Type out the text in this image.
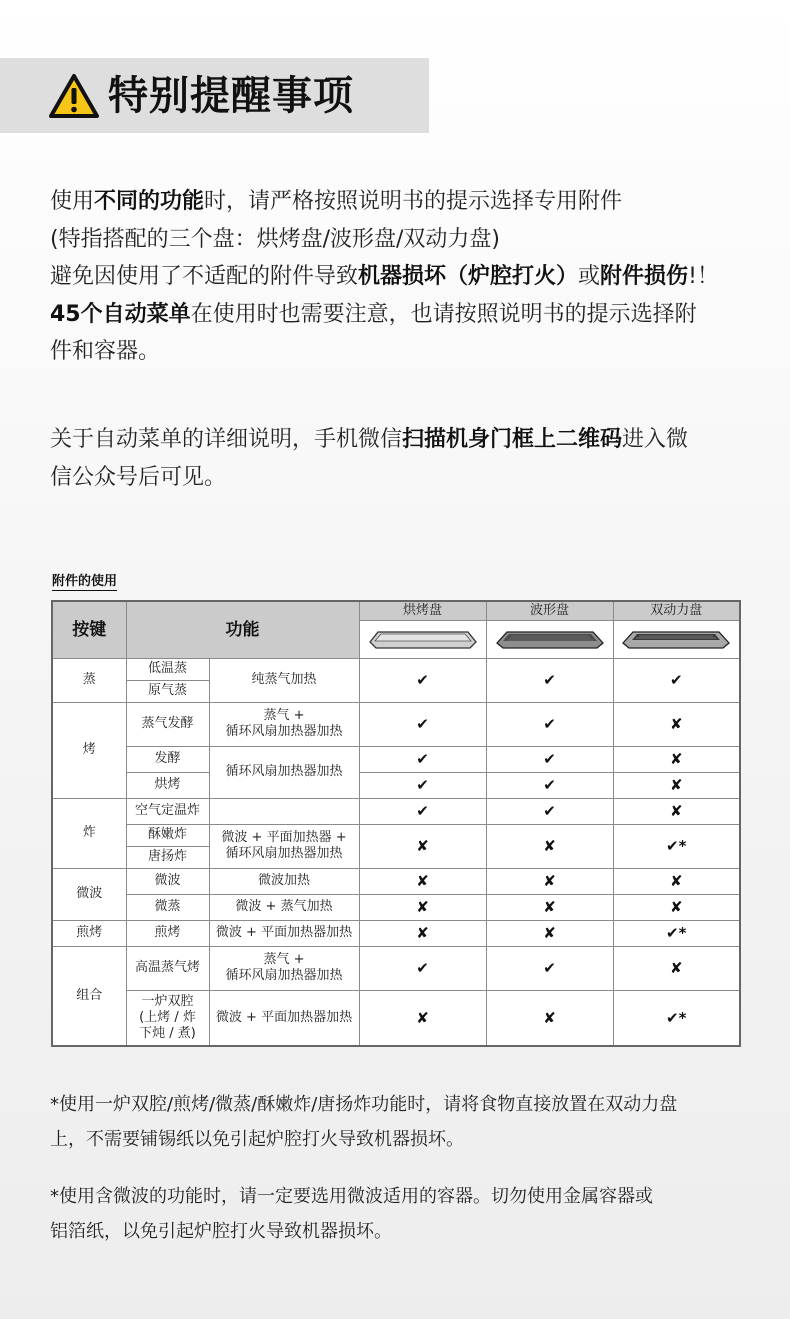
特别提醒事项
使用不同的功能时，请严格按照说明书的提示选择专用附件
(特指搭配的三个盘：烘烤盘/波形盘/双动力盘)
避免因使用了不适配的附件导致机器损坏（炉腔打火）或附件损伤!！
45个自动菜单在使用时也需要注意，也请按照说明书的提示选择附
件和容器。
关于自动菜单的详细说明，手机微信扫描机身门框上二维码进入微
信公众号后可见。
附件的使用
按键	功能		烘烤盘	波形盘	双动力盘

蒸	低温蒸	纯蒸气加热	✔	✔	✔
	原气蒸				
烤	蒸气发酵	蒸气 +
循环风扇加热器加热	✔	✔	✘
	发酵	循环风扇加热器加热	✔	✔	✘
	烘烤		✔	✔	✘
炸	空气定温炸		✔	✔	✘
	酥嫩炸	微波 + 平面加热器 +
循环风扇加热器加热	✘	✘	✔*
	唐扬炸				
微波	微波	微波加热	✘	✘	✘
	微蒸	微波 + 蒸气加热	✘	✘	✘
煎烤	煎烤	微波 + 平面加热器加热	✘	✘	✔*
组合	高温蒸气烤	蒸气 +
循环风扇加热器加热	✔	✔	✘

	一炉双腔
(上烤 / 炸
下炖 / 煮)	微波 + 平面加热器加热	✘	✘	✔*
*使用一炉双腔/煎烤/微蒸/酥嫩炸/唐扬炸功能时，请将食物直接放置在双动力盘
上，不需要铺锡纸以免引起炉腔打火导致机器损坏。
*使用含微波的功能时，请一定要选用微波适用的容器。切勿使用金属容器或
铝箔纸，以免引起炉腔打火导致机器损坏。
